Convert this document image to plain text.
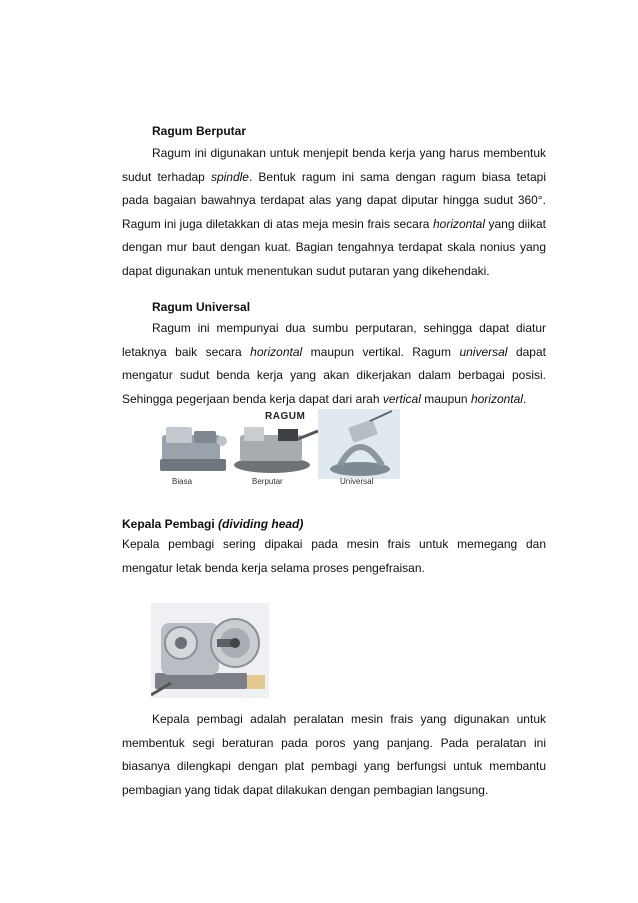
Ragum Berputar

Ragum ini digunakan untuk menjepit benda kerja yang harus membentuk sudut terhadap spindle. Bentuk ragum ini sama dengan ragum biasa tetapi pada bagaian bawahnya terdapat alas yang dapat diputar hingga sudut 360°. Ragum ini juga diletakkan di atas meja mesin frais secara horizontal yang diikat dengan mur baut dengan kuat. Bagian tengahnya terdapat skala nonius yang dapat digunakan untuk menentukan sudut putaran yang dikehendaki.

Ragum Universal

Ragum ini mempunyai dua sumbu perputaran, sehingga dapat diatur letaknya baik secara horizontal maupun vertikal. Ragum universal dapat mengatur sudut benda kerja yang akan dikerjakan dalam berbagai posisi. Sehingga pegerjaan benda kerja dapat dari arah vertical maupun horizontal.

RAGUM
Biasa	Berputar	Universal
Kepala Pembagi (dividing head)

Kepala pembagi sering dipakai pada mesin frais untuk memegang dan mengatur letak benda kerja selama proses pengefraisan.

Kepala pembagi adalah peralatan mesin frais yang digunakan untuk membentuk segi beraturan pada poros yang panjang. Pada peralatan ini biasanya dilengkapi dengan plat pembagi yang berfungsi untuk membantu pembagian yang tidak dapat dilakukan dengan pembagian langsung.
